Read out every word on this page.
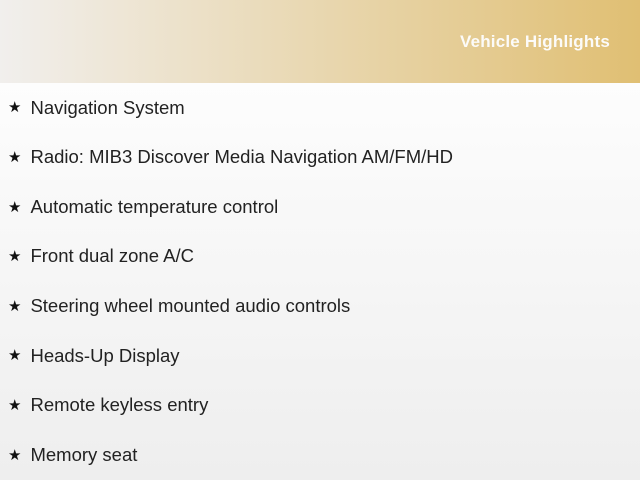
Vehicle Highlights
★ Navigation System
★ Radio: MIB3 Discover Media Navigation AM/FM/HD
★ Automatic temperature control
★ Front dual zone A/C
★ Steering wheel mounted audio controls
★ Heads-Up Display
★ Remote keyless entry
★ Memory seat
